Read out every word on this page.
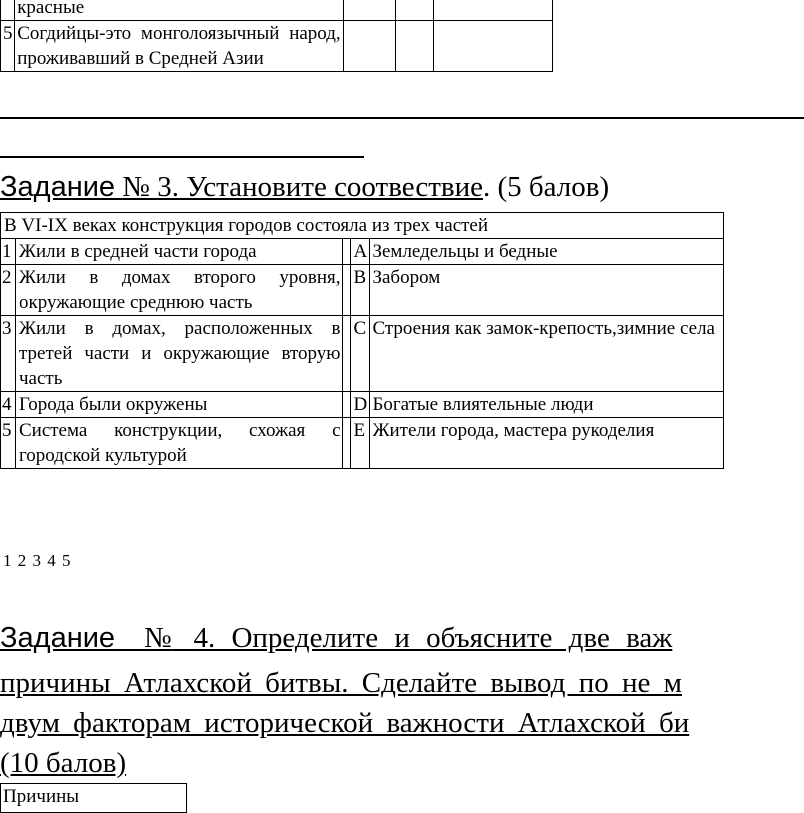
	красные			
5	Согдийцы-это монголоязычный народ, проживавший в Средней Азии			
Задание № 3. Установите соотвествие. (5 балов)
В VI-IX веках конструкция городов состояла из трех частей				
1	Жили в средней части города		A	Земледельцы и бедные
2	Жили в домах второго уровня, окружающие среднюю часть		B	Забором
3	Жили в домах, расположенных в третей части и окружающие вторую часть		C	Строения как замок-крепость,зимние села
4	Города были окружены		D	Богатые влиятельные люди
5	Система конструкции, схожая с городской культурой		E	Жители города, мастера рукоделия
1 2 3 4 5
Задание № 4. Определите и объясните две важ
причины Атлахской битвы. Сделайте вывод по не м
двум факторам исторической важности Атлахской би
(10 балов)
Причины
